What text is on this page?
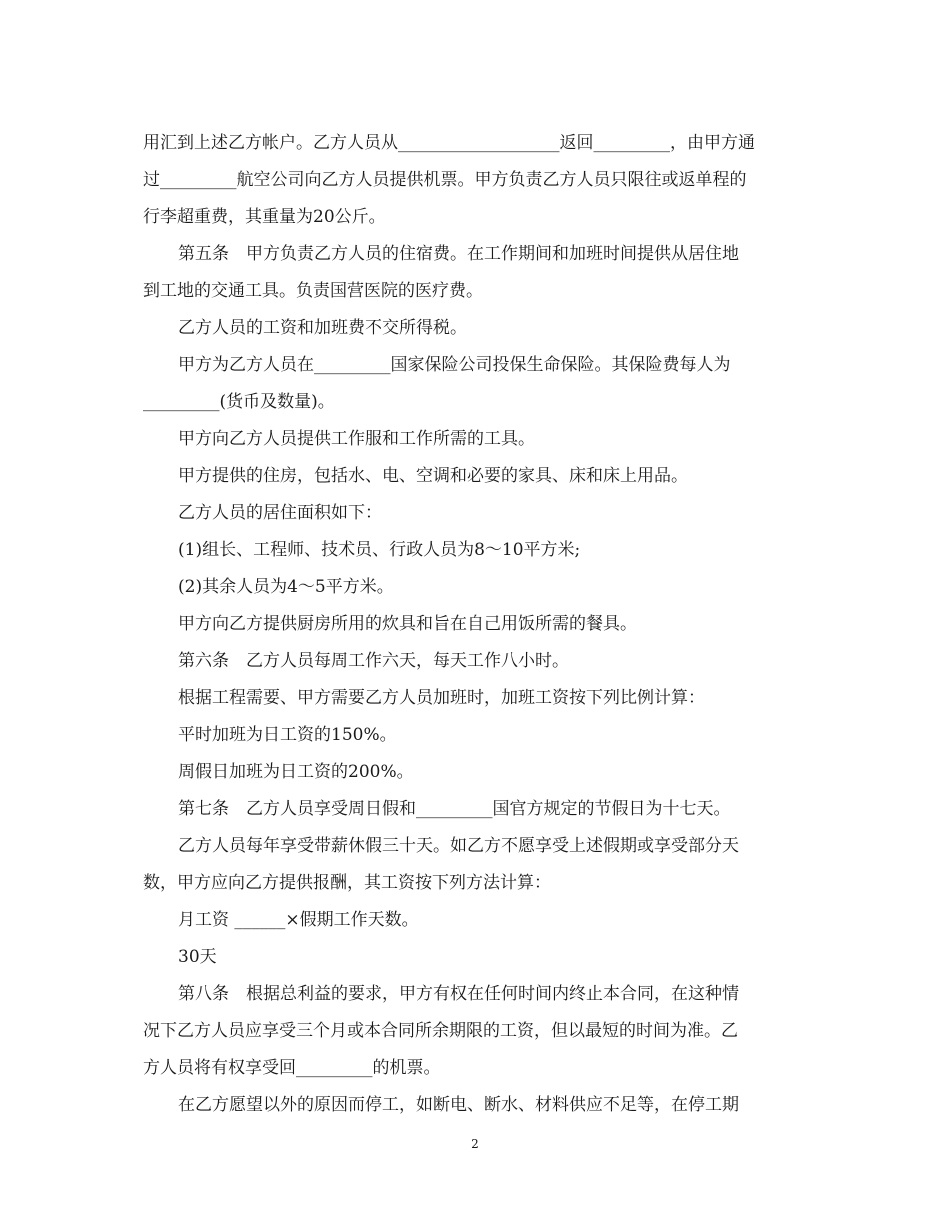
用汇到上述乙方帐户。乙方人员从___________________返回_________，由甲方通
过_________航空公司向乙方人员提供机票。甲方负责乙方人员只限往或返单程的
行李超重费，其重量为20公斤。
第五条　甲方负责乙方人员的住宿费。在工作期间和加班时间提供从居住地
到工地的交通工具。负责国营医院的医疗费。
乙方人员的工资和加班费不交所得税。
甲方为乙方人员在_________国家保险公司投保生命保险。其保险费每人为
_________(货币及数量)。
甲方向乙方人员提供工作服和工作所需的工具。
甲方提供的住房，包括水、电、空调和必要的家具、床和床上用品。
乙方人员的居住面积如下：
(1)组长、工程师、技术员、行政人员为8～10平方米;
(2)其余人员为4～5平方米。
甲方向乙方提供厨房所用的炊具和旨在自己用饭所需的餐具。
第六条　乙方人员每周工作六天，每天工作八小时。
根据工程需要、甲方需要乙方人员加班时，加班工资按下列比例计算：
平时加班为日工资的150%。
周假日加班为日工资的200%。
第七条　乙方人员享受周日假和_________国官方规定的节假日为十七天。
乙方人员每年享受带薪休假三十天。如乙方不愿享受上述假期或享受部分天
数，甲方应向乙方提供报酬，其工资按下列方法计算：
月工资 ______×假期工作天数。
30天
第八条　根据总利益的要求，甲方有权在任何时间内终止本合同，在这种情
况下乙方人员应享受三个月或本合同所余期限的工资，但以最短的时间为准。乙
方人员将有权享受回_________的机票。
在乙方愿望以外的原因而停工，如断电、断水、材料供应不足等，在停工期
2
